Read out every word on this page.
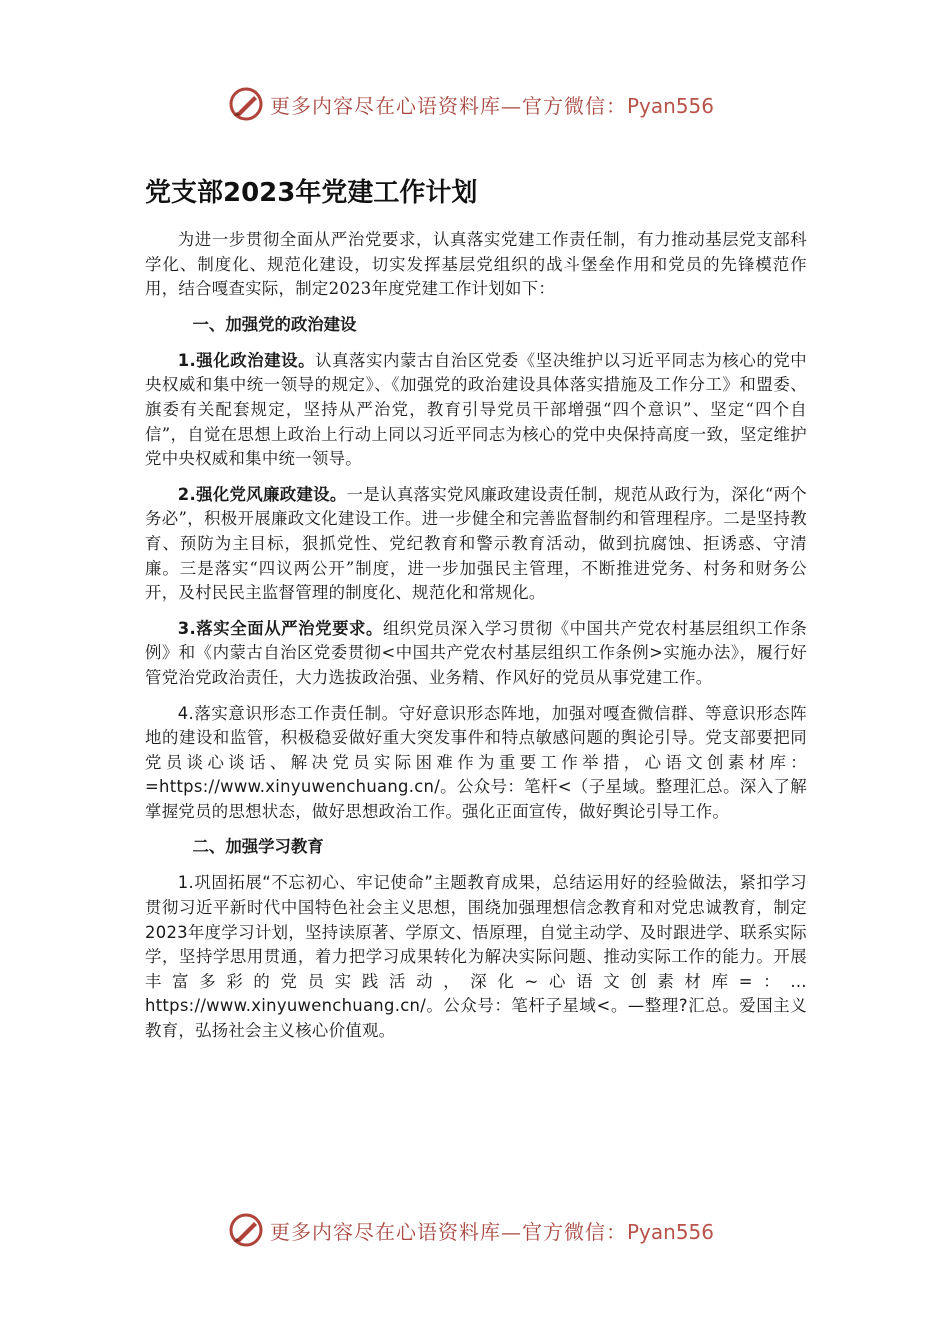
更多内容尽在心语资料库—官方微信：Pyan556
党支部2023年党建工作计划

为进一步贯彻全面从严治党要求，认真落实党建工作责任制，有力推动基层党支部科学化、制度化、规范化建设，切实发挥基层党组织的战斗堡垒作用和党员的先锋模范作用，结合嘎查实际，制定2023年度党建工作计划如下：

一、加强党的政治建设

1.强化政治建设。认真落实内蒙古自治区党委《坚决维护以习近平同志为核心的党中央权威和集中统一领导的规定》、《加强党的政治建设具体落实措施及工作分工》和盟委、旗委有关配套规定，坚持从严治党，教育引导党员干部增强“四个意识”、坚定“四个自信”，自觉在思想上政治上行动上同以习近平同志为核心的党中央保持高度一致，坚定维护党中央权威和集中统一领导。

2.强化党风廉政建设。一是认真落实党风廉政建设责任制，规范从政行为，深化“两个务必”，积极开展廉政文化建设工作。进一步健全和完善监督制约和管理程序。二是坚持教育、预防为主目标，狠抓党性、党纪教育和警示教育活动，做到抗腐蚀、拒诱惑、守清廉。三是落实“四议两公开”制度，进一步加强民主管理，不断推进党务、村务和财务公开，及村民民主监督管理的制度化、规范化和常规化。

3.落实全面从严治党要求。组织党员深入学习贯彻《中国共产党农村基层组织工作条例》和《内蒙古自治区党委贯彻<中国共产党农村基层组织工作条例>实施办法》，履行好管党治党政治责任，大力选拔政治强、业务精、作风好的党员从事党建工作。

4.落实意识形态工作责任制。守好意识形态阵地，加强对嘎查微信群、等意识形态阵地的建设和监管，积极稳妥做好重大突发事件和特点敏感问题的舆论引导。党支部要把同党员谈心谈话、解决党员实际困难作为重要工作举措，心语文创素材库：=https://www.xinyuwenchuang.cn/。公众号：笔杆<（子星域。整理汇总。深入了解掌握党员的思想状态，做好思想政治工作。强化正面宣传，做好舆论引导工作。

二、加强学习教育

1.巩固拓展“不忘初心、牢记使命”主题教育成果，总结运用好的经验做法，紧扣学习贯彻习近平新时代中国特色社会主义思想，围绕加强理想信念教育和对党忠诚教育，制定2023年度学习计划，坚持读原著、学原文、悟原理，自觉主动学、及时跟进学、联系实际学，坚持学思用贯通，着力把学习成果转化为解决实际问题、推动实际工作的能力。开展丰富多彩的党员实践活动，深化~心语文创素材库=：…https://www.xinyuwenchuang.cn/。公众号：笔杆子星域<。—整理?汇总。爱国主义教育，弘扬社会主义核心价值观。

更多内容尽在心语资料库—官方微信：Pyan556
